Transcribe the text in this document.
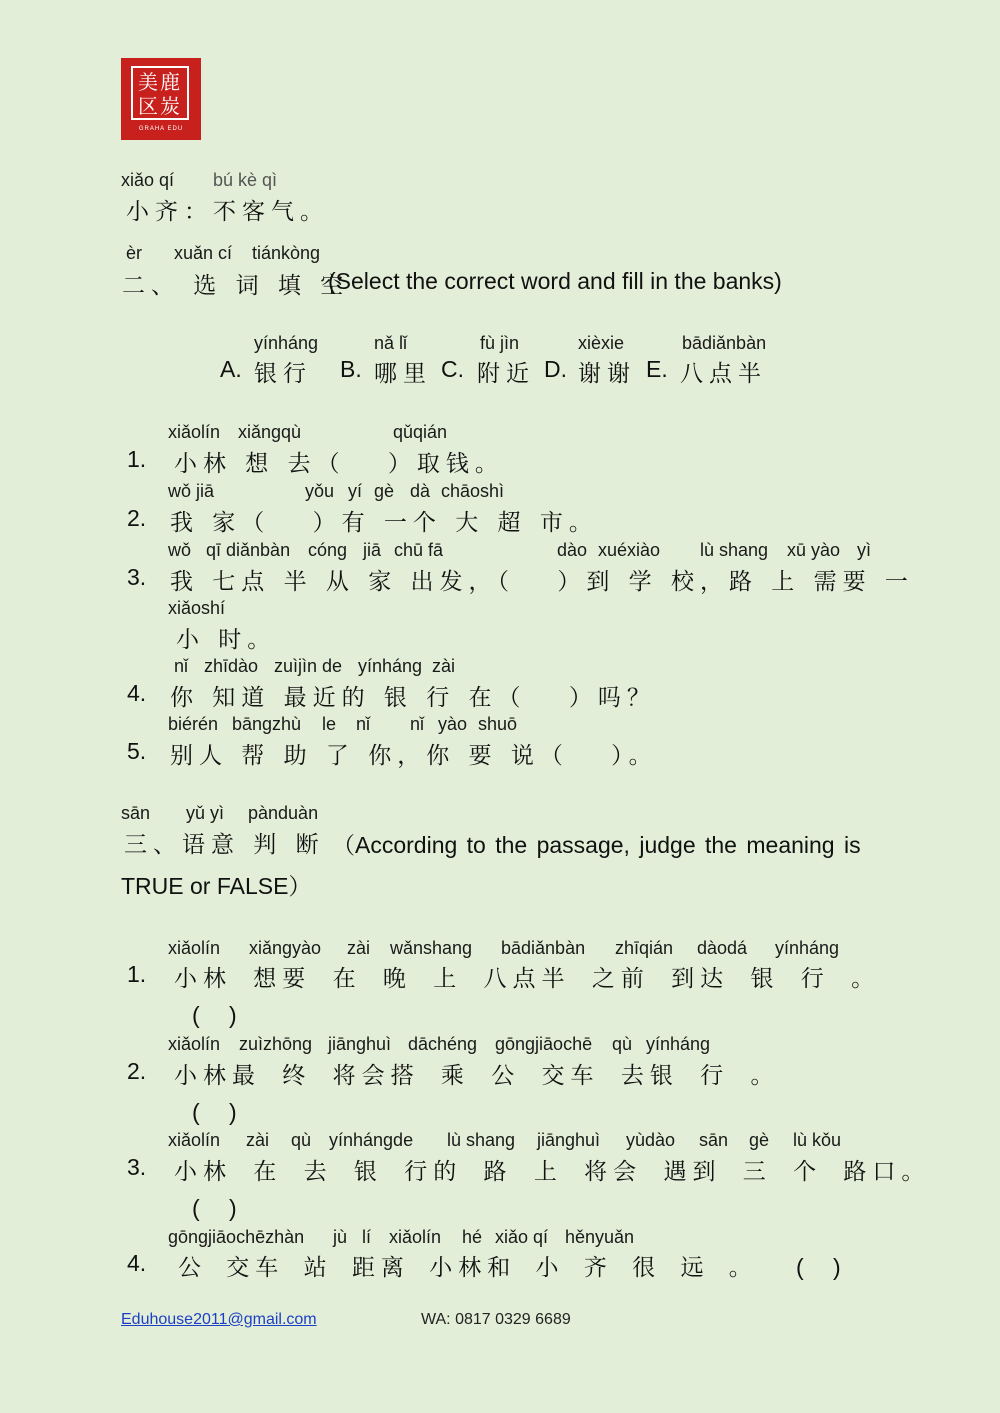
美鹿
区炭
GRAHA EDU
xiǎo qí bú kè qì
小齐：不客气。
èr xuǎn cí tiánkòng
二、 选 词 填 空
(Select the correct word and fill in the banks)
yínháng	nǎ lǐ	fù jìn	xièxie	bādiǎnbàn
A. 银行 B. 哪里 C. 附近 D. 谢谢 E. 八点半
xiǎolín xiǎngqù	qǔqián
1. 小林 想 去（　 ）取钱。
wǒ jiā	yǒu yí gè dà chāoshì
2. 我 家（　 ）有 一个 大 超 市。
wǒ qī diǎnbàn cóng jiā chū fā	dào xuéxiào lù shang xū yào yì
3. 我 七点 半 从 家 出发，（　 ）到 学 校，路 上 需要 一
xiǎoshí
小 时。
nǐ zhīdào zuìjìn de yínháng zài
4. 你 知道 最近的 银 行 在（　 ）吗？
biérén bāngzhù le nǐ nǐ yào shuō
5. 别人 帮 助 了 你，你 要 说（　 ）。
sān yǔ yì pànduàn
三、语意 判 断 （According to the passage, judge the meaning is
TRUE or FALSE）
xiǎolín xiǎngyào zài wǎnshang bādiǎnbàn zhīqián dàodá yínháng
1. 小林 想要 在 晚 上 八点半 之前 到达 银 行 。
(　 )
xiǎolín zuìzhōng jiānghuì dāchéng gōngjiāochē qù yínháng
2. 小林最 终 将会搭 乘 公 交车 去银 行 。
(　 )
xiǎolín zài qù yínhángde lù shang jiānghuì yùdào sān gè lù kǒu
3. 小林 在 去 银 行的 路 上 将会 遇到 三 个 路口。
(　 )
gōngjiāochēzhàn jù lí xiǎolín hé xiǎo qí hěnyuǎn
4. 公 交车 站 距离 小林和 小 齐 很 远 。 (　 )
Eduhouse2011@gmail.com	WA: 0817 0329 6689
